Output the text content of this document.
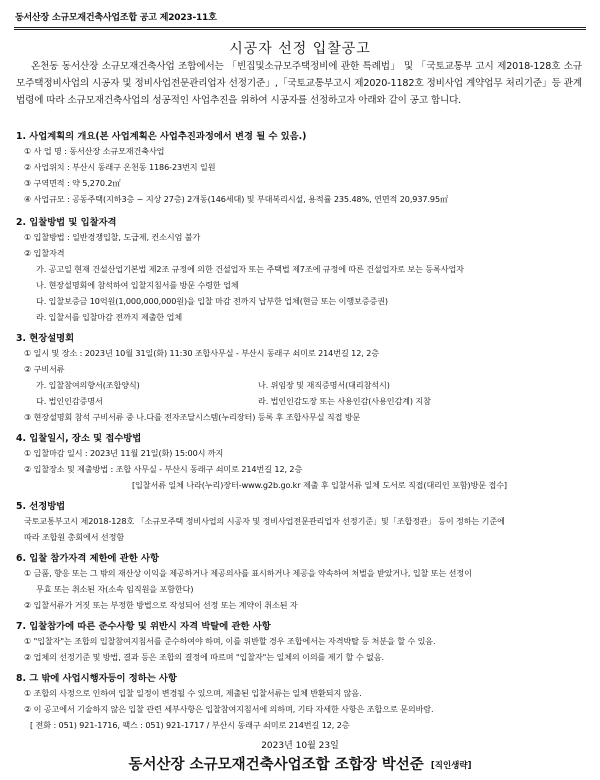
동서산장 소규모재건축사업조합 공고 제2023-11호
시공자 선정 입찰공고
온천동 동서산장 소규모재건축사업 조합에서는 「빈집및소규모주택정비에 관한 특례법」 및 「국토교통부 고시 제2018-128호 소규모주택정비사업의 시공자 및 정비사업전문관리업자 선정기준」,「국토교통부고시 제2020-1182호 정비사업 계약업무 처리기준」등 관계법령에 따라 소규모재건축사업의 성공적인 사업추진을 위하여 시공자를 선정하고자 아래와 같이 공고 합니다.
1. 사업계획의 개요(본 사업계획은 사업추진과정에서 변경 될 수 있음.)
① 사 업 명 : 동서산장 소규모재건축사업
② 사업위치 : 부산시 동래구 온천동 1186-23번지 일원
③ 구역면적 : 약 5,270.2㎡
④ 사업규모 : 공동주택(지하3층 ~ 지상 27층) 2개동(146세대) 및 부대복리시설, 용적률 235.48%, 연면적 20,937.95㎡
2. 입찰방법 및 입찰자격
① 입찰방법 : 일반경쟁입찰, 도급제, 컨소시엄 불가
② 입찰자격
가. 공고일 현재 건설산업기본법 제2조 규정에 의한 건설업자 또는 주택법 제7조에 규정에 따른 건설업자로 보는 등록사업자
나. 현장설명회에 참석하여 입찰지침서를 방문 수령한 업체
다. 입찰보증금 10억원(1,000,000,000원)을 입찰 마감 전까지 납부한 업체(현금 또는 이행보증증권)
라. 입찰서를 입찰마감 전까지 제출한 업체
3. 현장설명회
① 일시 및 장소 : 2023년 10월 31일(화) 11:30 조합사무실 - 부산시 동래구 쇠미로 214번길 12, 2층
② 구비서류
가. 입찰참여의향서(조합양식)	나. 위임장 및 재직증명서(대리참석시)
다. 법인인감증명서	라. 법인인감도장 또는 사용인감(사용인감계) 지참
③ 현장설명회 참석 구비서류 중 나.다를 전자조달시스템(누리장터) 등록 후 조합사무실 직접 방문
4. 입찰일시, 장소 및 접수방법
① 입찰마감 일시 : 2023년 11월 21일(화) 15:00시 까지
② 입찰장소 및 제출방법 : 조합 사무실 - 부산시 동래구 쇠미로 214번길 12, 2층
[입찰서류 일체 나라(누리)장터-www.g2b.go.kr 제출 후 입찰서류 일체 도서로 직접(대리인 포함)방문 접수]
5. 선정방법
국토교통부고시 제2018-128호 「소규모주택 정비사업의 시공자 및 정비사업전문관리업자 선정기준」및「조합정관」 등이 정하는 기준에
따라 조합원 총회에서 선정함
6. 입찰 참가자격 제한에 관한 사항
① 금품, 향응 또는 그 밖의 재산상 이익을 제공하거나 제공의사를 표시하거나 제공을 약속하여 처벌을 받았거나, 입찰 또는 선정이
무효 또는 취소된 자(소속 임직원을 포함한다)
② 입찰서류가 거짓 또는 부정한 방법으로 작성되어 선정 또는 계약이 취소된 자
2023년 10월 23일
동서산장 소규모재건축사업조합 조합장 박선준 [직인생략]
7. 입찰참가에 따른 준수사항 및 위반시 자격 박탈에 관한 사항
① "입찰자"는 조합의 입찰참여지침서를 준수하여야 하며, 이를 위반할 경우 조합에서는 자격박탈 등 처분을 할 수 있음.
② 업체의 선정기준 및 방법, 결과 등은 조합의 결정에 따르며 "입찰자"는 일체의 이의를 제기 할 수 없음.
8. 그 밖에 사업시행자등이 정하는 사항
① 조합의 사정으로 인하여 입찰 일정이 변경될 수 있으며, 제출된 입찰서류는 일체 반환되지 않음.
② 이 공고에서 기술하지 않은 입찰 관련 세부사항은 입찰참여지침서에 의하며, 기타 자세한 사항은 조합으로 문의바람.
[ 전화 : 051) 921-1716, 팩스 : 051) 921-1717 / 부산시 동래구 쇠미로 214번길 12, 2층
